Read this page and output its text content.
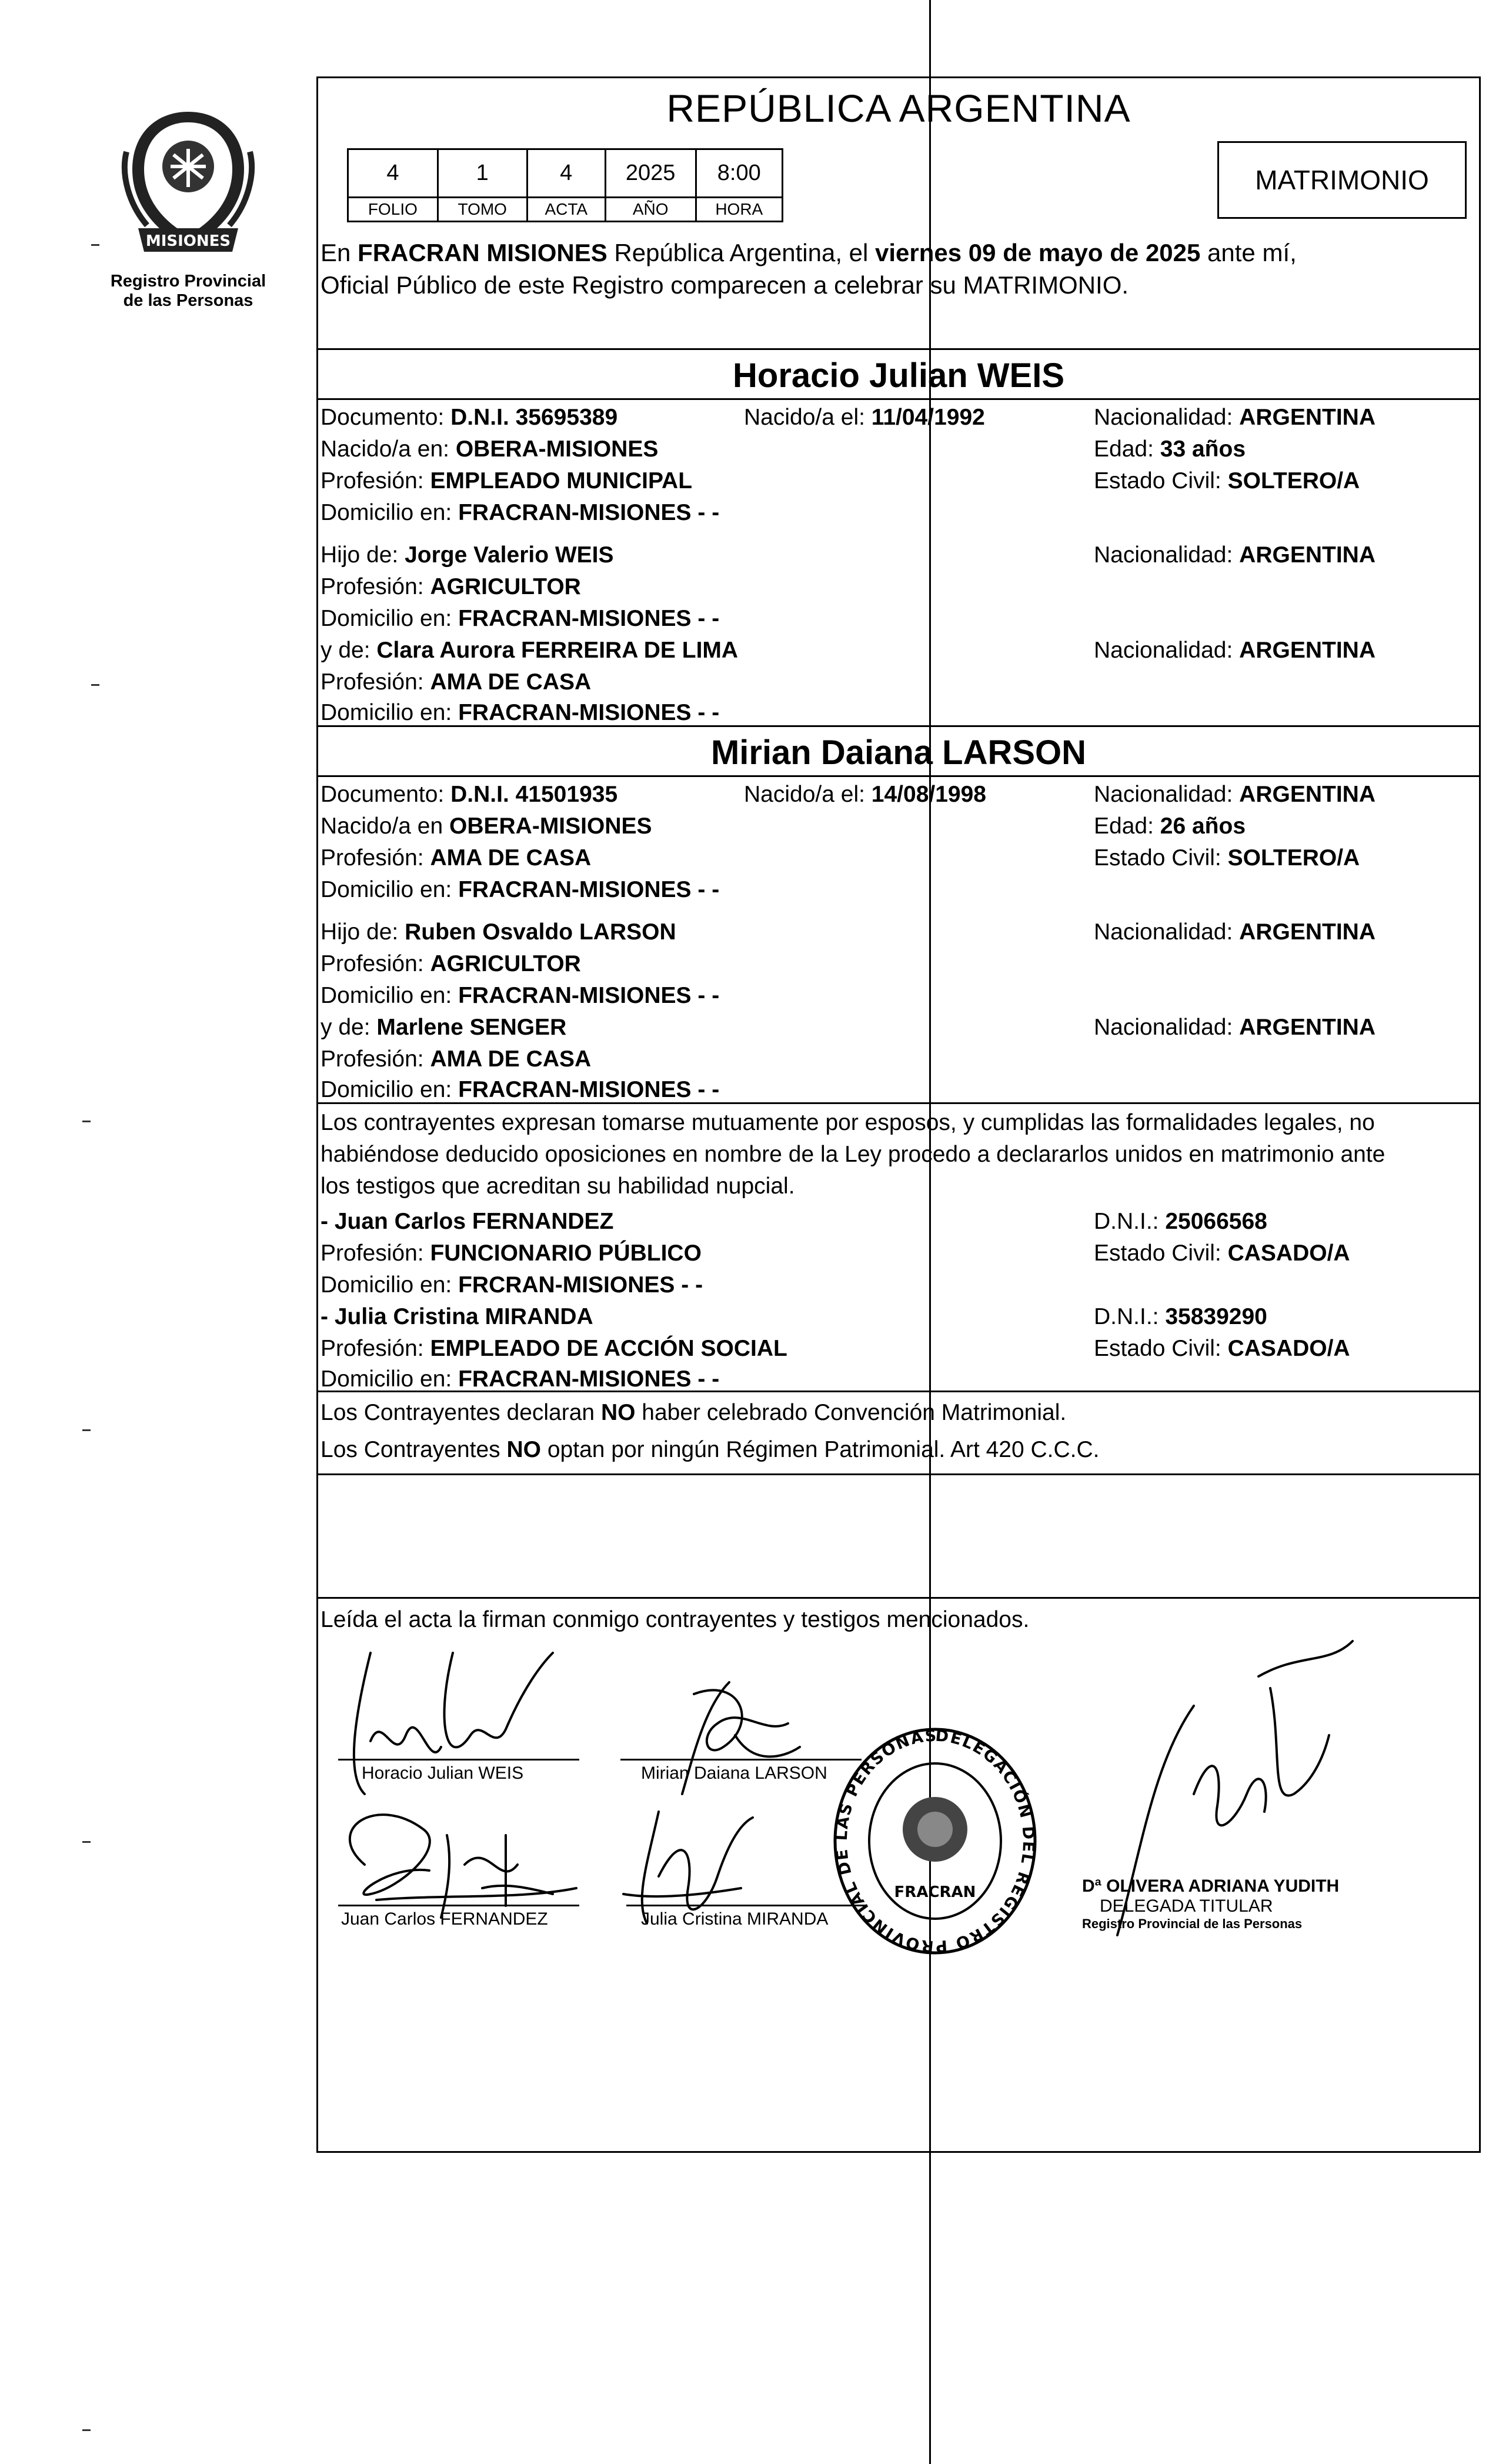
MISIONES
Registro Provincial
de las Personas
REPÚBLICA ARGENTINA
4	1	4	2025	8:00
FOLIO	TOMO	ACTA	AÑO	HORA
MATRIMONIO
En FRACRAN MISIONES República Argentina, el viernes 09 de mayo de 2025 ante mí,
Oficial Público de este Registro comparecen a celebrar su MATRIMONIO.
Horacio Julian WEIS
Documento: D.N.I. 35695389	Nacido/a el: 11/04/1992	Nacionalidad: ARGENTINA
Nacido/a en: OBERA-MISIONES	Edad: 33 años
Profesión: EMPLEADO MUNICIPAL	Estado Civil: SOLTERO/A
Domicilio en: FRACRAN-MISIONES - -
Hijo de: Jorge Valerio WEIS	Nacionalidad: ARGENTINA
Profesión: AGRICULTOR
Domicilio en: FRACRAN-MISIONES - -
y de: Clara Aurora FERREIRA DE LIMA	Nacionalidad: ARGENTINA
Profesión: AMA DE CASA
Domicilio en: FRACRAN-MISIONES - -
Mirian Daiana LARSON
Documento: D.N.I. 41501935	Nacido/a el: 14/08/1998	Nacionalidad: ARGENTINA
Nacido/a en OBERA-MISIONES	Edad: 26 años
Profesión: AMA DE CASA	Estado Civil: SOLTERO/A
Domicilio en: FRACRAN-MISIONES - -
Hijo de: Ruben Osvaldo LARSON	Nacionalidad: ARGENTINA
Profesión: AGRICULTOR
Domicilio en: FRACRAN-MISIONES - -
y de: Marlene SENGER	Nacionalidad: ARGENTINA
Profesión: AMA DE CASA
Domicilio en: FRACRAN-MISIONES - -
Los contrayentes expresan tomarse mutuamente por esposos, y cumplidas las formalidades legales, no
habiéndose deducido oposiciones en nombre de la Ley procedo a declararlos unidos en matrimonio ante
los testigos que acreditan su habilidad nupcial.
- Juan Carlos FERNANDEZ	D.N.I.: 25066568
Profesión: FUNCIONARIO PÚBLICO	Estado Civil: CASADO/A
Domicilio en: FRCRAN-MISIONES - -
- Julia Cristina MIRANDA	D.N.I.: 35839290
Profesión: EMPLEADO DE ACCIÓN SOCIAL	Estado Civil: CASADO/A
Domicilio en: FRACRAN-MISIONES - -
Los Contrayentes declaran NO haber celebrado Convención Matrimonial.
Los Contrayentes NO optan por ningún Régimen Patrimonial. Art 420 C.C.C.
Leída el acta la firman conmigo contrayentes y testigos mencionados.
Horacio Julian WEIS	Mirian Daiana LARSON
Juan Carlos FERNANDEZ	Julia Cristina MIRANDA
DELEGACIÓN DEL REGISTRO PROVINCIAL DE LAS PERSONAS
FRACRAN	Dª OLIVERA ADRIANA YUDITH
DELEGADA TITULAR
Registro Provincial de las Personas
